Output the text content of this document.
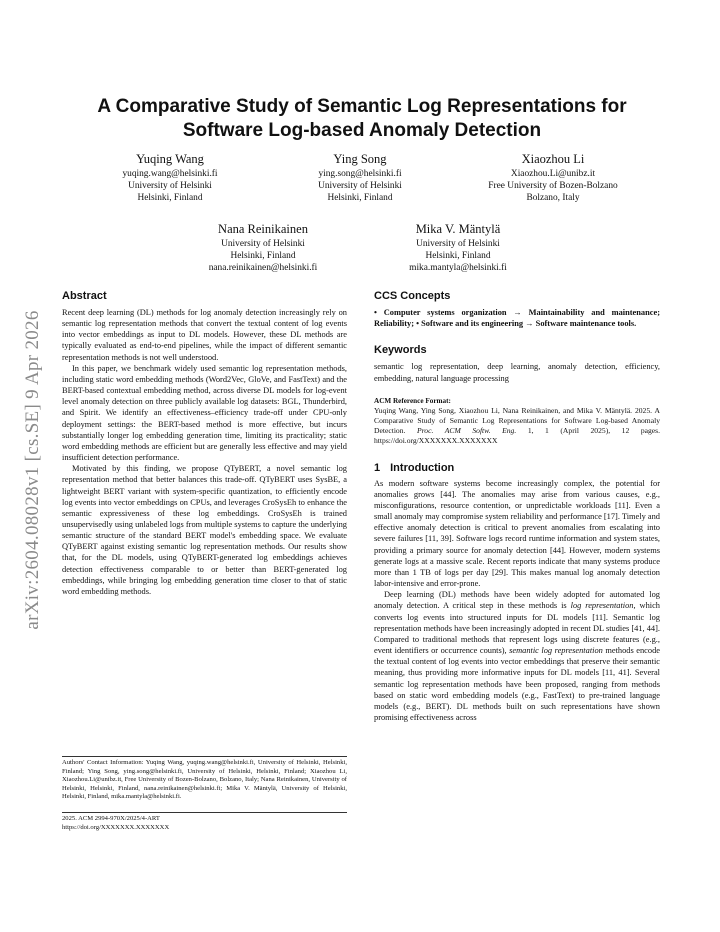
arXiv:2604.08028v1 [cs.SE] 9 Apr 2026
A Comparative Study of Semantic Log Representations for
Software Log-based Anomaly Detection
Yuqing Wang
yuqing.wang@helsinki.fi
University of Helsinki
Helsinki, Finland
Ying Song
ying.song@helsinki.fi
University of Helsinki
Helsinki, Finland
Xiaozhou Li
Xiaozhou.Li@unibz.it
Free University of Bozen-Bolzano
Bolzano, Italy
Nana Reinikainen
University of Helsinki
Helsinki, Finland
nana.reinikainen@helsinki.fi
Mika V. Mäntylä
University of Helsinki
Helsinki, Finland
mika.mantyla@helsinki.fi
Abstract

Recent deep learning (DL) methods for log anomaly detection increasingly rely on semantic log representation methods that convert the textual content of log events into vector embeddings as input to DL models. However, these DL methods are typically evaluated as end-to-end pipelines, while the impact of different semantic representation methods is not well understood.

In this paper, we benchmark widely used semantic log representation methods, including static word embedding methods (Word2Vec, GloVe, and FastText) and the BERT-based contextual embedding method, across diverse DL models for log-event level anomaly detection on three publicly available log datasets: BGL, Thunderbird, and Spirit. We identify an effectiveness–efficiency trade-off under CPU-only deployment settings: the BERT-based method is more effective, but incurs substantially longer log embedding generation time, limiting its practicality; static word embedding methods are efficient but are generally less effective and may yield insufficient detection performance.

Motivated by this finding, we propose QTyBERT, a novel semantic log representation method that better balances this trade-off. QTyBERT uses SysBE, a lightweight BERT variant with system-specific quantization, to efficiently encode log events into vector embeddings on CPUs, and leverages CroSysEh to enhance the semantic expressiveness of these log embeddings. CroSysEh is trained unsupervisedly using unlabeled logs from multiple systems to capture the underlying semantic structure of the standard BERT model's embedding space. We evaluate QTyBERT against existing semantic log representation methods. Our results show that, for the DL models, using QTyBERT-generated log embeddings achieves detection effectiveness comparable to or better than BERT-generated log embeddings, while bringing log embedding generation time closer to that of static word embedding methods.

Authors' Contact Information: Yuqing Wang, yuqing.wang@helsinki.fi, University of Helsinki, Helsinki, Finland; Ying Song, ying.song@helsinki.fi, University of Helsinki, Helsinki, Finland; Xiaozhou Li, Xiaozhou.Li@unibz.it, Free University of Bozen-Bolzano, Bolzano, Italy; Nana Reinikainen, University of Helsinki, Helsinki, Finland, nana.reinikainen@helsinki.fi; Mika V. Mäntylä, University of Helsinki, Helsinki, Finland, mika.mantyla@helsinki.fi.
2025. ACM 2994-970X/2025/4-ART
https://doi.org/XXXXXXX.XXXXXXX
CCS Concepts
• Computer systems organization → Maintainability and maintenance; Reliability; • Software and its engineering → Software maintenance tools.
Keywords
semantic log representation, deep learning, anomaly detection, efficiency, embedding, natural language processing
ACM Reference Format:
Yuqing Wang, Ying Song, Xiaozhou Li, Nana Reinikainen, and Mika V. Mäntylä. 2025. A Comparative Study of Semantic Log Representations for Software Log-based Anomaly Detection. Proc. ACM Softw. Eng. 1, 1 (April 2025), 12 pages. https://doi.org/XXXXXXX.XXXXXXX
1 Introduction

As modern software systems become increasingly complex, the potential for anomalies grows [44]. The anomalies may arise from various causes, e.g., misconfigurations, resource contention, or unpredictable workloads [11]. Even a small anomaly may compromise system reliability and performance [17]. Timely and effective anomaly detection is critical to prevent anomalies from escalating into severe failures [11, 39]. Software logs record runtime information and system states, providing a primary source for anomaly detection [44]. However, modern systems generate logs at a massive scale. Recent reports indicate that many systems produce more than 1 TB of logs per day [29]. This makes manual log anomaly detection labor-intensive and error-prone.

Deep learning (DL) methods have been widely adopted for automated log anomaly detection. A critical step in these methods is log representation, which converts log events into structured inputs for DL models [11]. Semantic log representation methods have been increasingly adopted in recent DL studies [41, 44]. Compared to traditional methods that represent logs using discrete features (e.g., event identifiers or occurrence counts), semantic log representation methods encode the textual content of log events into vector embeddings that preserve their semantic meaning, thus providing more informative inputs for DL models [11, 41]. Several semantic log representation methods have been proposed, ranging from methods based on static word embedding models (e.g., FastText) to pre-trained language models (e.g., BERT). DL methods built on such representations have shown promising effectiveness across
